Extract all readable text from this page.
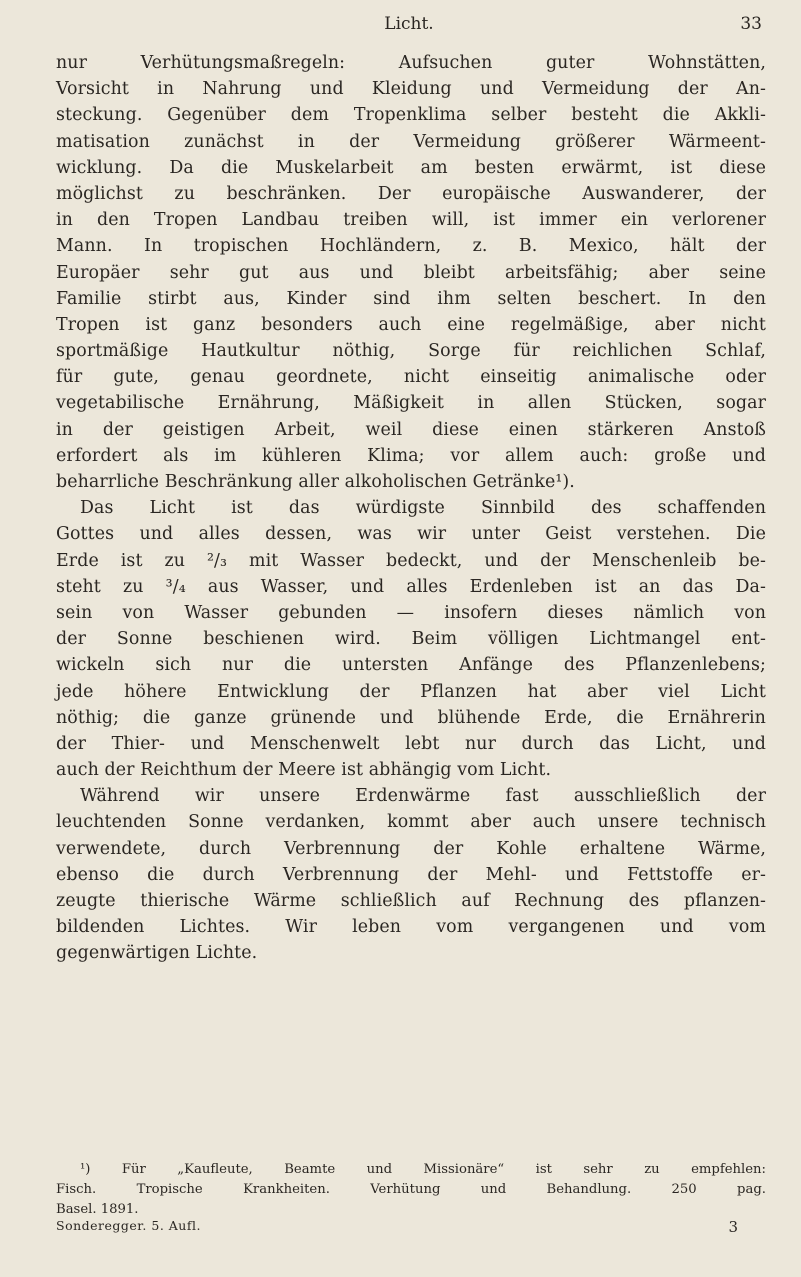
Licht.	33
nur Verhütungsmaßregeln: Aufsuchen guter Wohnstätten,
Vorsicht in Nahrung und Kleidung und Vermeidung der An-
steckung. Gegenüber dem Tropenklima selber besteht die Akkli-
matisation zunächst in der Vermeidung größerer Wärmeent-
wicklung. Da die Muskelarbeit am besten erwärmt, ist diese
möglichst zu beschränken. Der europäische Auswanderer, der
in den Tropen Landbau treiben will, ist immer ein verlorener
Mann. In tropischen Hochländern, z. B. Mexico, hält der
Europäer sehr gut aus und bleibt arbeitsfähig; aber seine
Familie stirbt aus, Kinder sind ihm selten beschert. In den
Tropen ist ganz besonders auch eine regelmäßige, aber nicht
sportmäßige Hautkultur nöthig, Sorge für reichlichen Schlaf,
für gute, genau geordnete, nicht einseitig animalische oder
vegetabilische Ernährung, Mäßigkeit in allen Stücken, sogar
in der geistigen Arbeit, weil diese einen stärkeren Anstoß
erfordert als im kühleren Klima; vor allem auch: große und
beharrliche Beschränkung aller alkoholischen Getränke¹).
Das Licht ist das würdigste Sinnbild des schaffenden
Gottes und alles dessen, was wir unter Geist verstehen. Die
Erde ist zu ²/₃ mit Wasser bedeckt, und der Menschenleib be-
steht zu ³/₄ aus Wasser, und alles Erdenleben ist an das Da-
sein von Wasser gebunden — insofern dieses nämlich von
der Sonne beschienen wird. Beim völligen Lichtmangel ent-
wickeln sich nur die untersten Anfänge des Pflanzenlebens;
jede höhere Entwicklung der Pflanzen hat aber viel Licht
nöthig; die ganze grünende und blühende Erde, die Ernährerin
der Thier- und Menschenwelt lebt nur durch das Licht, und
auch der Reichthum der Meere ist abhängig vom Licht.
Während wir unsere Erdenwärme fast ausschließlich der
leuchtenden Sonne verdanken, kommt aber auch unsere technisch
verwendete, durch Verbrennung der Kohle erhaltene Wärme,
ebenso die durch Verbrennung der Mehl- und Fettstoffe er-
zeugte thierische Wärme schließlich auf Rechnung des pflanzen-
bildenden Lichtes. Wir leben vom vergangenen und vom
gegenwärtigen Lichte.
¹) Für „Kaufleute, Beamte und Missionäre“ ist sehr zu empfehlen:
Fisch. Tropische Krankheiten. Verhütung und Behandlung. 250 pag.
Basel. 1891.
Sonderegger. 5. Aufl.	3
